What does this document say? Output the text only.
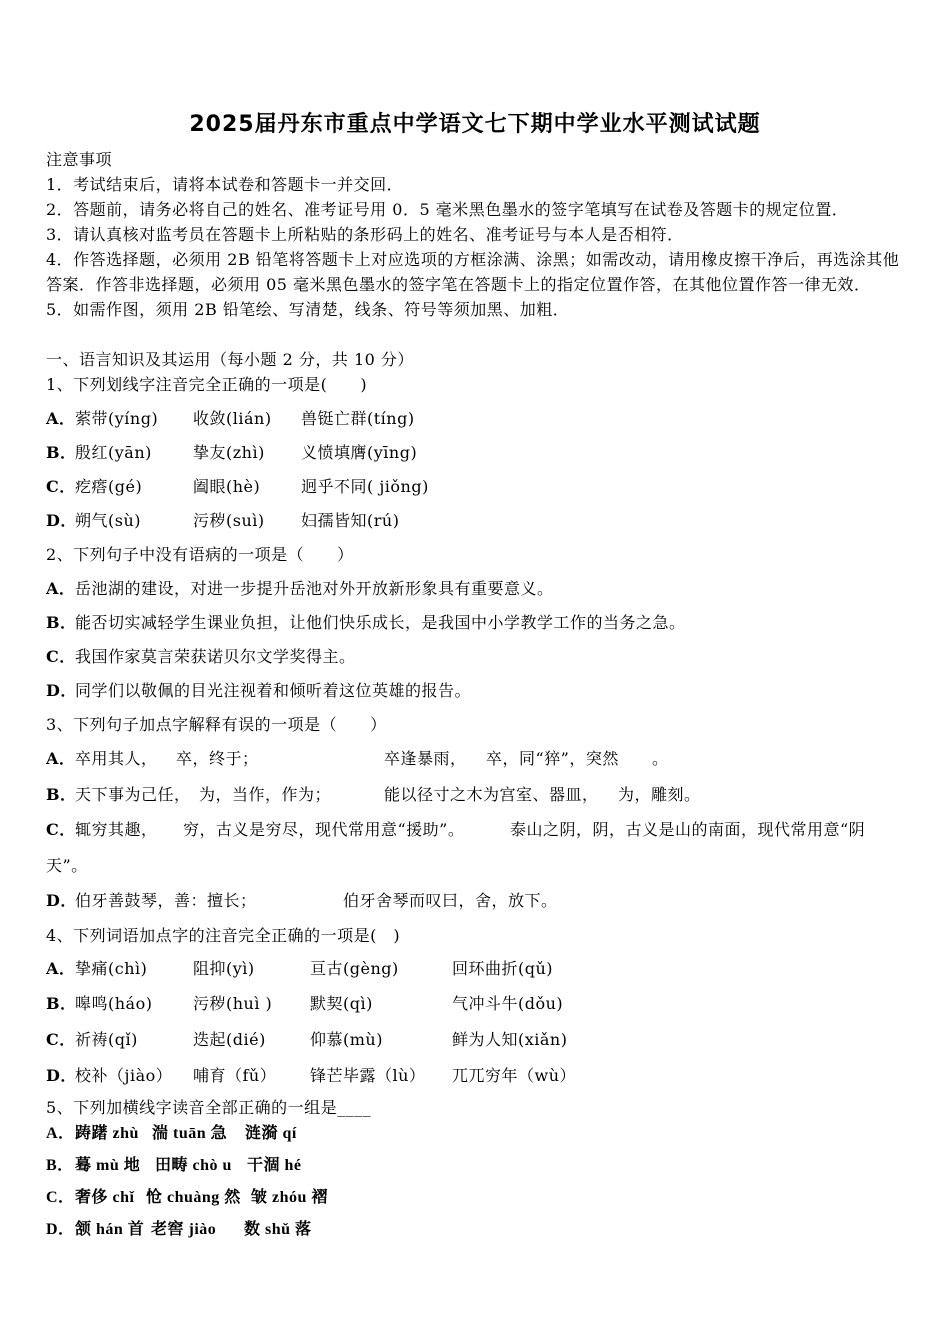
2025届丹东市重点中学语文七下期中学业水平测试试题
注意事项
1．考试结束后，请将本试卷和答题卡一并交回．
2．答题前，请务必将自己的姓名、准考证号用 0．5 毫米黑色墨水的签字笔填写在试卷及答题卡的规定位置．
3．请认真核对监考员在答题卡上所粘贴的条形码上的姓名、准考证号与本人是否相符．
4．作答选择题，必须用 2B 铅笔将答题卡上对应选项的方框涂满、涂黑；如需改动，请用橡皮擦干净后，再选涂其他
答案．作答非选择题，必须用 05 毫米黑色墨水的签字笔在答题卡上的指定位置作答，在其他位置作答一律无效．
5．如需作图，须用 2B 铅笔绘、写清楚，线条、符号等须加黑、加粗．
一、语言知识及其运用（每小题 2 分，共 10 分）
1、下列划线字注音完全正确的一项是(　　)
A． 萦带(yíng) 收敛(lián) 兽铤亡群(tíng)
B．
殷红(yān)	挚友(zhì) 义愤填膺(yīng)
C． 疙瘩(gé)	阖眼(hè)	迥乎不同( jiǒng)
D．
朔气(sù)	污秽(suì) 妇孺皆知(rú)
2、下列句子中没有语病的一项是（　　）
A． 岳池湖的建设，对进一步提升岳池对外开放新形象具有重要意义。
B．
能否切实减轻学生课业负担，让他们快乐成长，是我国中小学教学工作的当务之急。
C． 我国作家莫言荣获诺贝尔文学奖得主。
D．
同学们以敬佩的目光注视着和倾听着这位英雄的报告。
3、下列句子加点字解释有误的一项是（　　）
A． 卒用其人， 卒，终于；	卒逢暴雨， 卒，同“猝”，突然 。
B．
天下事为己任， 为，当作，作为；	能以径寸之木为宫室、器皿， 为，雕刻。
C． 辄穷其趣， 穷，古义是穷尽，现代常用意“援助”。	泰山之阴，阴，古义是山的南面，现代常用意“阴
天”。
D．
伯牙善鼓琴，善：擅长；	伯牙舍琴而叹曰，舍，放下。
4、下列词语加点字的注音完全正确的一项是(　)
A． 挚痛(chì)	阻抑(yì)	亘古(gèng)	回环曲折(qǔ)
B．
嗥鸣(háo)	污秽(huì ) 默契(qì)	气冲斗牛(dǒu)
C． 祈祷(qǐ)	迭起(dié)	仰慕(mù)	鲜为人知(xiǎn)
D．
校补（jiào） 哺育（fǔ） 锋芒毕露（lù） 兀兀穷年（wù）
5、下列加横线字读音全部正确的一组是____
A． 踌躇 zhù 湍 tuān 急 涟漪 qí
B． 蓦 mù 地 田畴 chò u 干涸 hé
C． 奢侈 chǐ 怆 chuàng 然 皱 zhóu 褶
D． 颔 hán 首 老窖 jiào 数 shǔ 落
